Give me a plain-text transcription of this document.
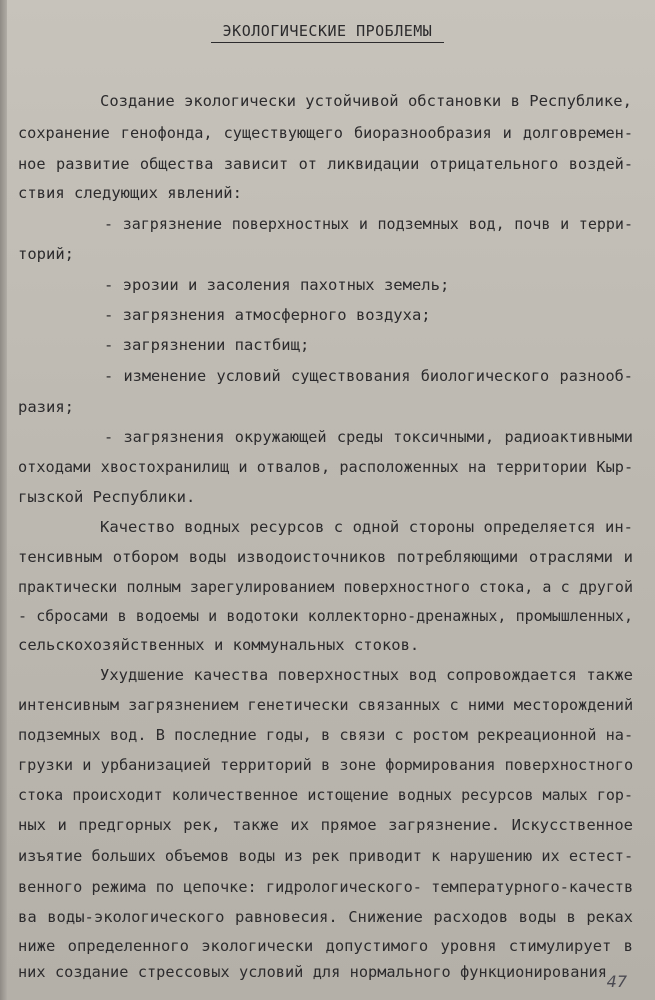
ЭКОЛОГИЧЕСКИЕ ПРОБЛЕМЫ
Создание экологически устойчивой обстановки в Республике,
сохранение генофонда, существующего биоразнообразия и долговремен-
ное развитие общества зависит от ликвидации отрицательного воздей-
ствия следующих явлений:
- загрязнение поверхностных и подземных вод, почв и терри-
торий;
- эрозии и засоления пахотных земель;
- загрязнения атмосферного воздуха;
- загрязнении пастбищ;
- изменение условий существования биологического разнооб-
разия;
- загрязнения окружающей среды токсичными, радиоактивными
отходами хвостохранилищ и отвалов, расположенных на территории Кыр-
гызской Республики.
Качество водных ресурсов с одной стороны определяется ин-
тенсивным отбором воды изводоисточников потребляющими отраслями и
практически полным зарегулированием поверхностного стока, а с другой
- сбросами в водоемы и водотоки коллекторно-дренажных, промышленных,
сельскохозяйственных и коммунальных стоков.
Ухудшение качества поверхностных вод сопровождается также
интенсивным загрязнением генетически связанных с ними месторождений
подземных вод. В последние годы, в связи с ростом рекреационной на-
грузки и урбанизацией территорий в зоне формирования поверхностного
стока происходит количественное истощение водных ресурсов малых гор-
ных и предгорных рек, также их прямое загрязнение. Искусственное
изъятие больших объемов воды из рек приводит к нарушению их естест-
венного режима по цепочке: гидрологического- температурного-качеств
ва воды-экологического равновесия. Снижение расходов воды в реках
ниже определенного экологически допустимого уровня стимулирует в
них создание стрессовых условий для нормального функционирования 47
